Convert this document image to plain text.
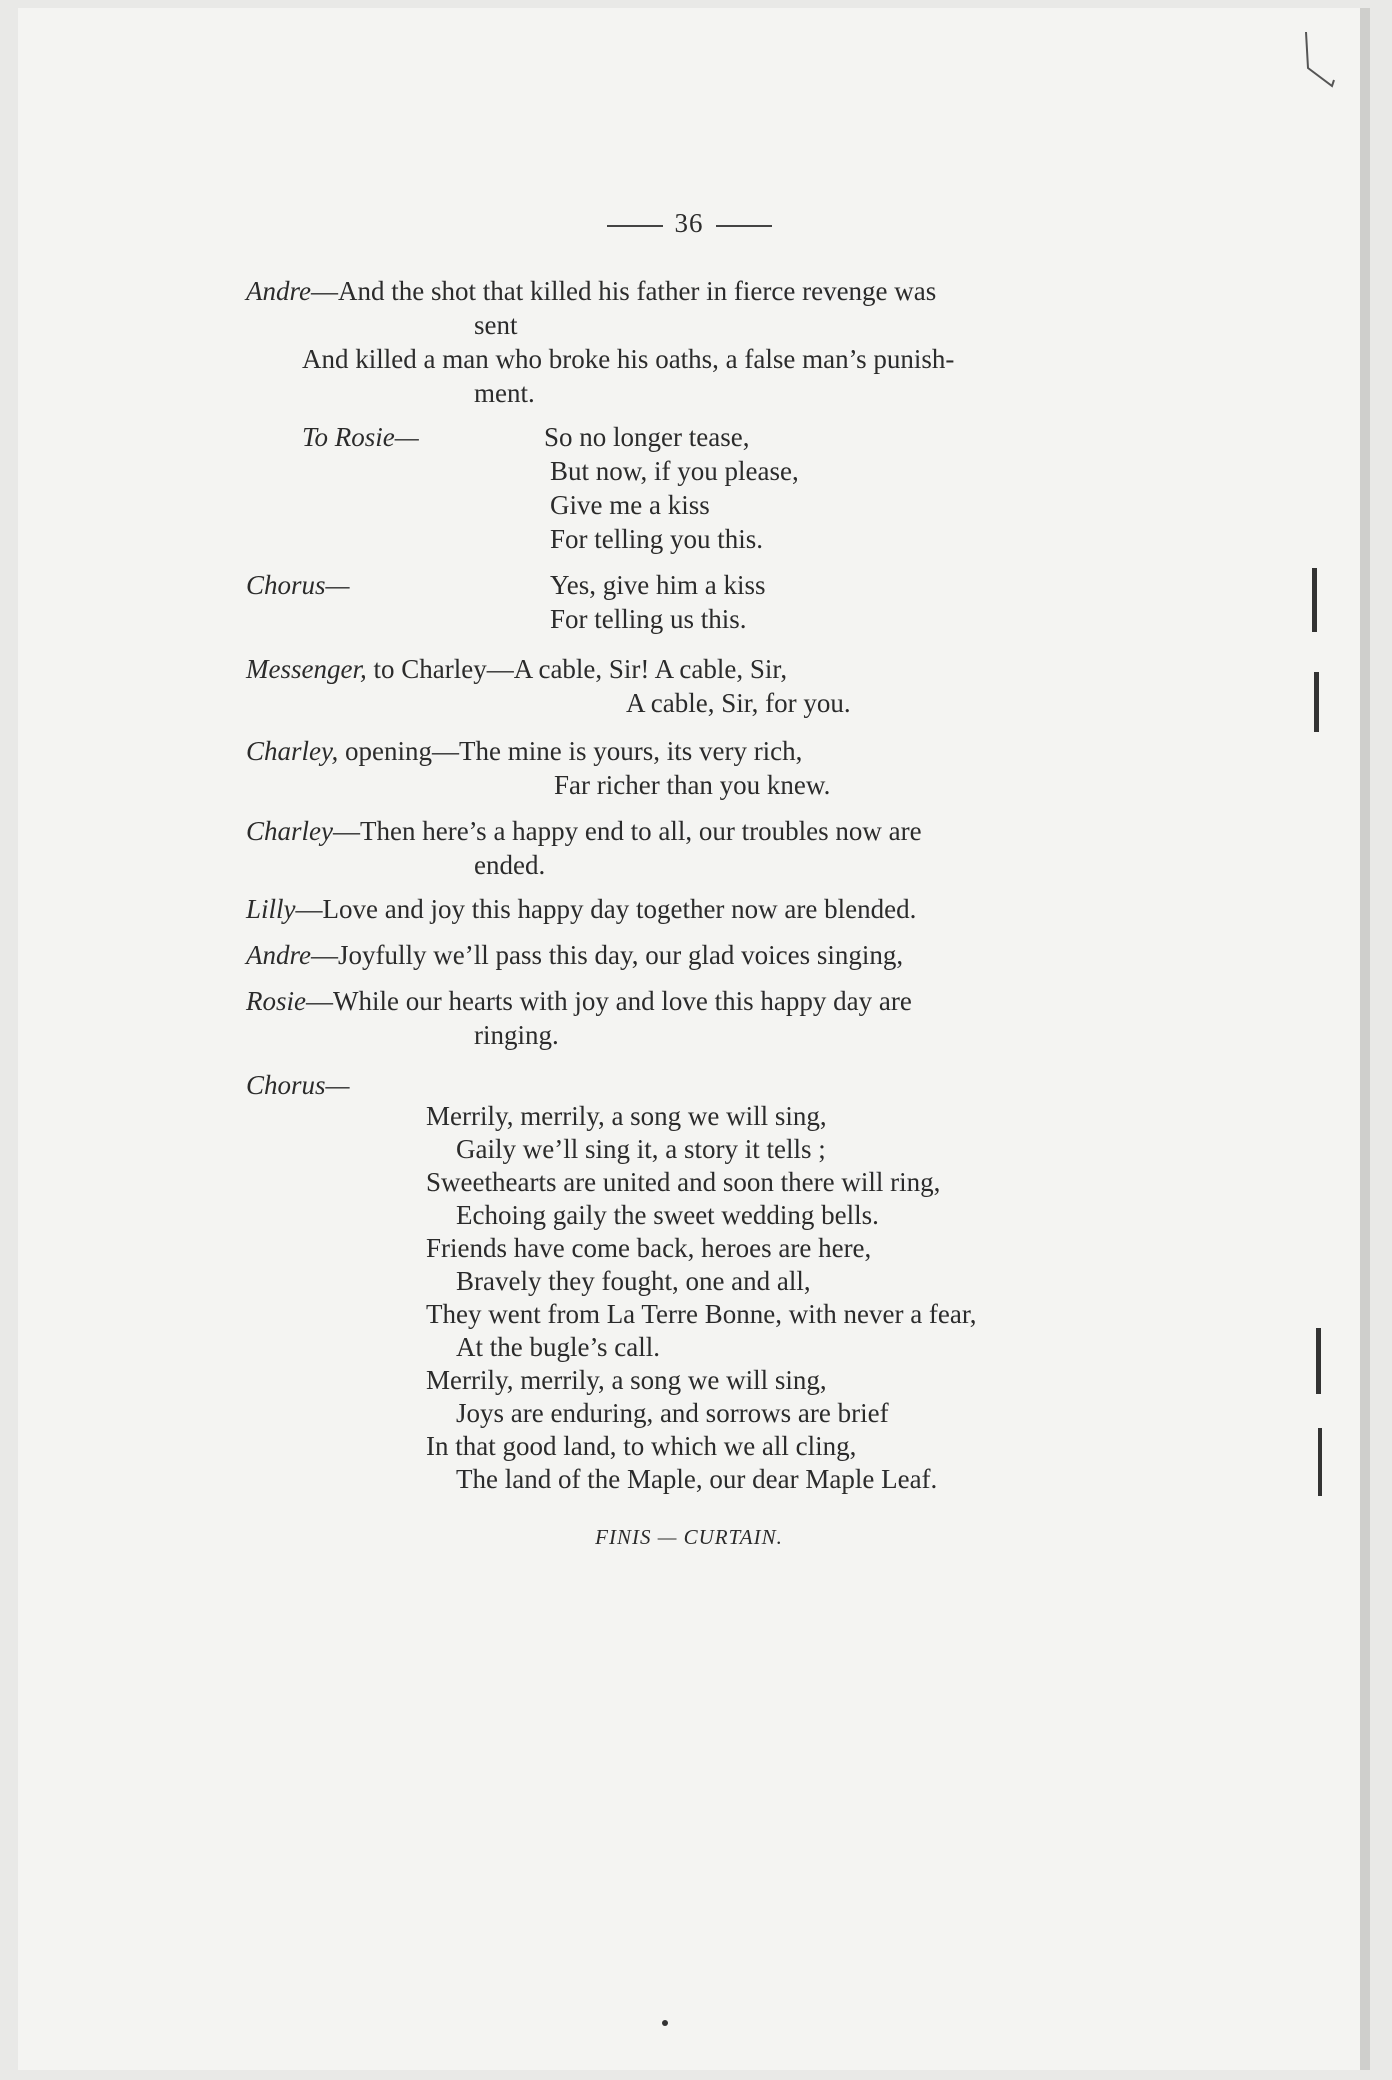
36
Andre—And the shot that killed his father in fierce revenge was
sent
And killed a man who broke his oaths, a false man’s punish-
ment.
To Rosie—	So no longer tease,
But now, if you please,
Give me a kiss
For telling you this.
Chorus—	Yes, give him a kiss
For telling us this.
Messenger, to Charley—A cable, Sir! A cable, Sir,
A cable, Sir, for you.
Charley, opening—The mine is yours, its very rich,
Far richer than you knew.
Charley—Then here’s a happy end to all, our troubles now are
ended.
Lilly—Love and joy this happy day together now are blended.
Andre—Joyfully we’ll pass this day, our glad voices singing,
Rosie—While our hearts with joy and love this happy day are
ringing.
Chorus—
Merrily, merrily, a song we will sing,
Gaily we’ll sing it, a story it tells ;
Sweethearts are united and soon there will ring,
Echoing gaily the sweet wedding bells.
Friends have come back, heroes are here,
Bravely they fought, one and all,
They went from La Terre Bonne, with never a fear,
At the bugle’s call.
Merrily, merrily, a song we will sing,
Joys are enduring, and sorrows are brief
In that good land, to which we all cling,
The land of the Maple, our dear Maple Leaf.
FINIS — CURTAIN.
